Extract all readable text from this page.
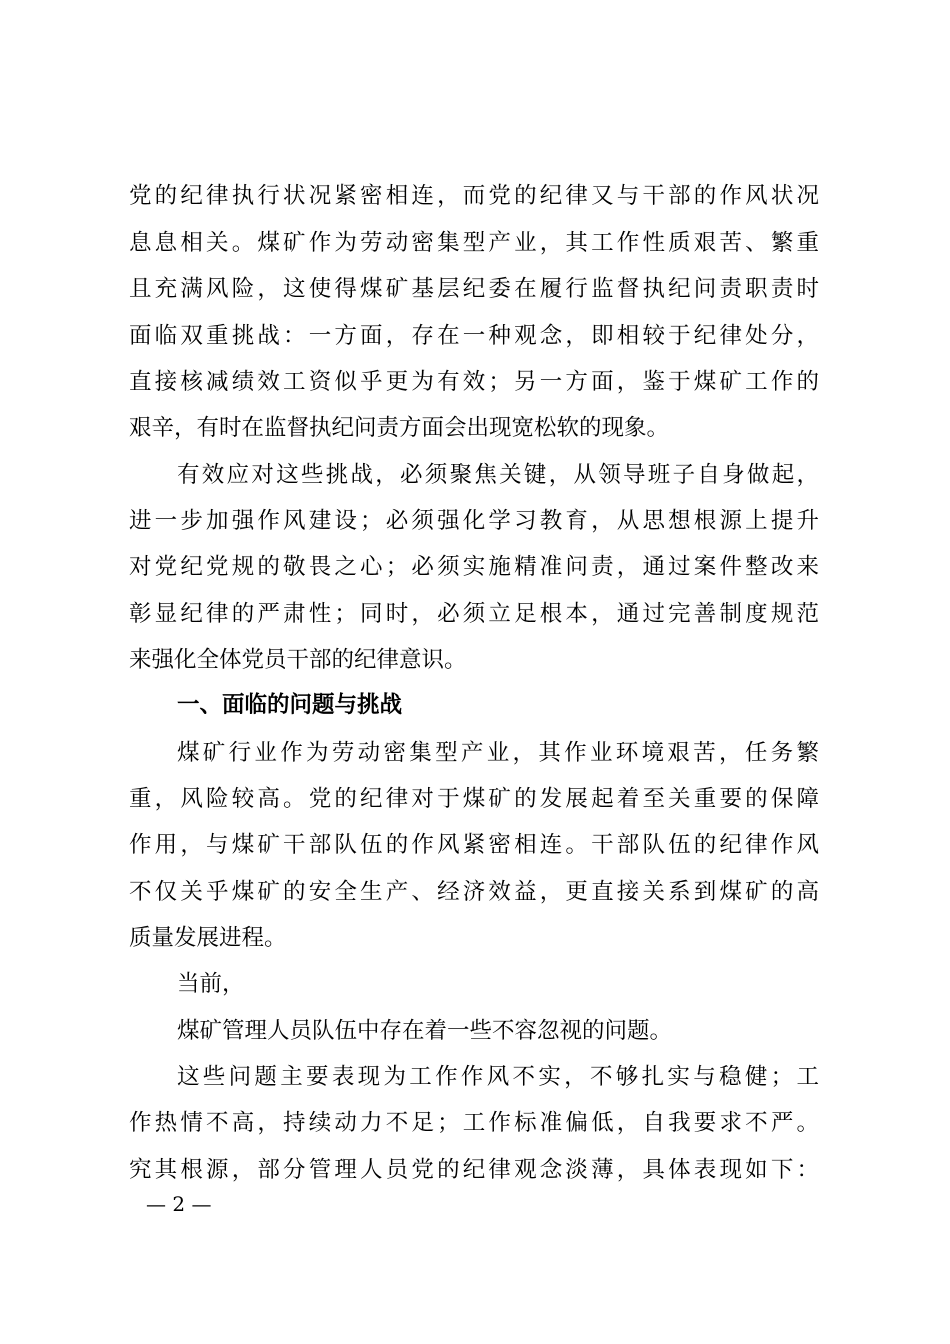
党的纪律执行状况紧密相连，而党的纪律又与干部的作风状况
息息相关。煤矿作为劳动密集型产业，其工作性质艰苦、繁重
且充满风险，这使得煤矿基层纪委在履行监督执纪问责职责时
面临双重挑战：一方面，存在一种观念，即相较于纪律处分，
直接核减绩效工资似乎更为有效；另一方面，鉴于煤矿工作的
艰辛，有时在监督执纪问责方面会出现宽松软的现象。
有效应对这些挑战，必须聚焦关键，从领导班子自身做起，
进一步加强作风建设；必须强化学习教育，从思想根源上提升
对党纪党规的敬畏之心；必须实施精准问责，通过案件整改来
彰显纪律的严肃性；同时，必须立足根本，通过完善制度规范
来强化全体党员干部的纪律意识。
一、面临的问题与挑战
煤矿行业作为劳动密集型产业，其作业环境艰苦，任务繁
重，风险较高。党的纪律对于煤矿的发展起着至关重要的保障
作用，与煤矿干部队伍的作风紧密相连。干部队伍的纪律作风
不仅关乎煤矿的安全生产、经济效益，更直接关系到煤矿的高
质量发展进程。
当前，
煤矿管理人员队伍中存在着一些不容忽视的问题。
这些问题主要表现为工作作风不实，不够扎实与稳健；工
作热情不高，持续动力不足；工作标准偏低，自我要求不严。
究其根源，部分管理人员党的纪律观念淡薄，具体表现如下：
— 2 —
